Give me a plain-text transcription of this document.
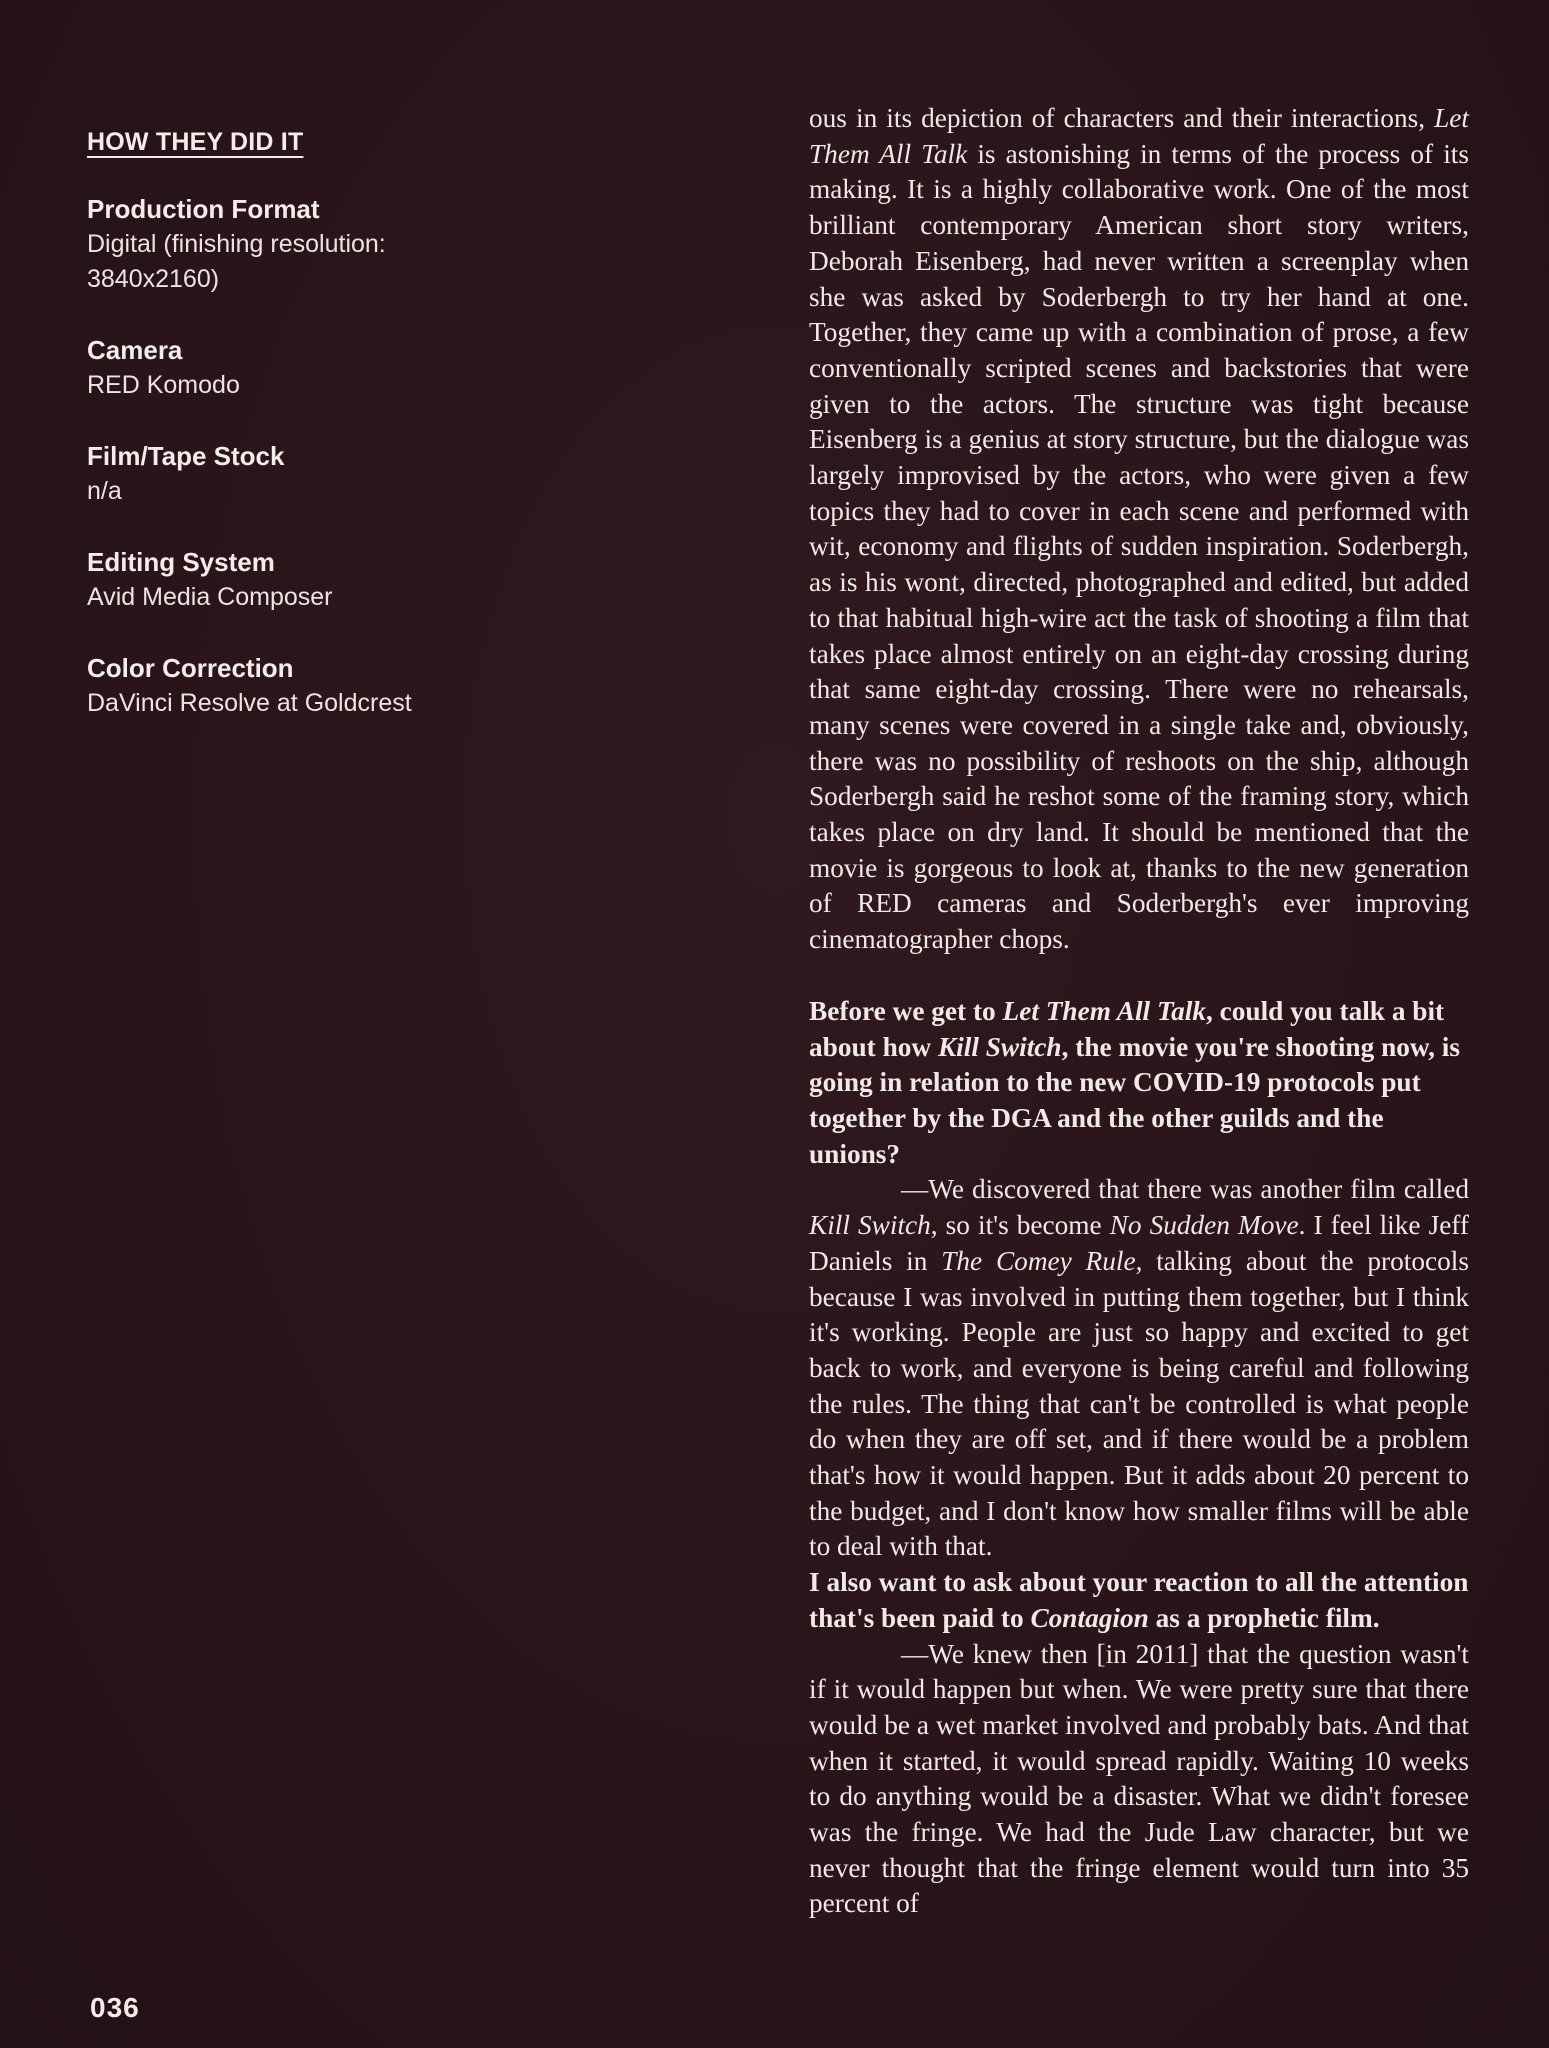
HOW THEY DID IT
Production Format
Digital (finishing resolution: 3840x2160)
Camera
RED Komodo
Film/Tape Stock
n/a
Editing System
Avid Media Composer
Color Correction
DaVinci Resolve at Goldcrest

ous in its depiction of characters and their interactions, Let Them All Talk is astonishing in terms of the process of its making. It is a highly collaborative work. One of the most brilliant contemporary American short story writers, Deborah Eisenberg, had never written a screenplay when she was asked by Soderbergh to try her hand at one. Together, they came up with a combination of prose, a few conventionally scripted scenes and backstories that were given to the actors. The structure was tight because Eisenberg is a genius at story structure, but the dialogue was largely improvised by the actors, who were given a few topics they had to cover in each scene and performed with wit, economy and flights of sudden inspiration. Soderbergh, as is his wont, directed, photographed and edited, but added to that habitual high-wire act the task of shooting a film that takes place almost entirely on an eight-day crossing during that same eight-day crossing. There were no rehearsals, many scenes were covered in a single take and, obviously, there was no possibility of reshoots on the ship, although Soderbergh said he reshot some of the framing story, which takes place on dry land. It should be mentioned that the movie is gorgeous to look at, thanks to the new generation of RED cameras and Soderbergh's ever improving cinematographer chops.

Before we get to Let Them All Talk, could you talk a bit about how Kill Switch, the movie you're shooting now, is going in relation to the new COVID-19 protocols put together by the DGA and the other guilds and the unions?

—We discovered that there was another film called Kill Switch, so it's become No Sudden Move. I feel like Jeff Daniels in The Comey Rule, talking about the protocols because I was involved in putting them together, but I think it's working. People are just so happy and excited to get back to work, and everyone is being careful and following the rules. The thing that can't be controlled is what people do when they are off set, and if there would be a problem that's how it would happen. But it adds about 20 percent to the budget, and I don't know how smaller films will be able to deal with that.

I also want to ask about your reaction to all the attention that's been paid to Contagion as a prophetic film.

—We knew then [in 2011] that the question wasn't if it would happen but when. We were pretty sure that there would be a wet market involved and probably bats. And that when it started, it would spread rapidly. Waiting 10 weeks to do anything would be a disaster. What we didn't foresee was the fringe. We had the Jude Law character, but we never thought that the fringe element would turn into 35 percent of

036
